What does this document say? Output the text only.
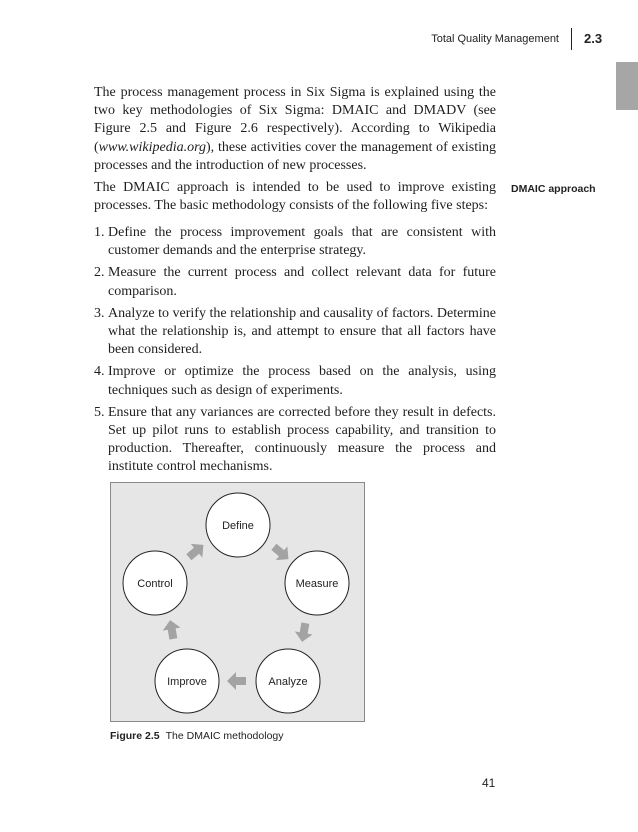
Total Quality Management 2.3

The process management process in Six Sigma is explained using the two key methodologies of Six Sigma: DMAIC and DMADV (see Figure 2.5 and Figure 2.6 respectively). According to Wikipedia (www.wikipedia.org), these activities cover the management of existing processes and the introduction of new processes.

The DMAIC approach is intended to be used to improve existing processes. The basic methodology consists of the following five steps:

DMAIC approach
1. Define the process improvement goals that are consistent with customer demands and the enterprise strategy.
2. Measure the current process and collect relevant data for future comparison.
3. Analyze to verify the relationship and causality of factors. Determine what the relationship is, and attempt to ensure that all factors have been considered.
4. Improve or optimize the process based on the analysis, using techniques such as design of experiments.
5. Ensure that any variances are corrected before they result in defects. Set up pilot runs to establish process capability, and transition to production. Thereafter, continuously measure the process and institute control mechanisms.
Define
Measure
Analyze
Improve
Control
Figure 2.5 The DMAIC methodology
41
